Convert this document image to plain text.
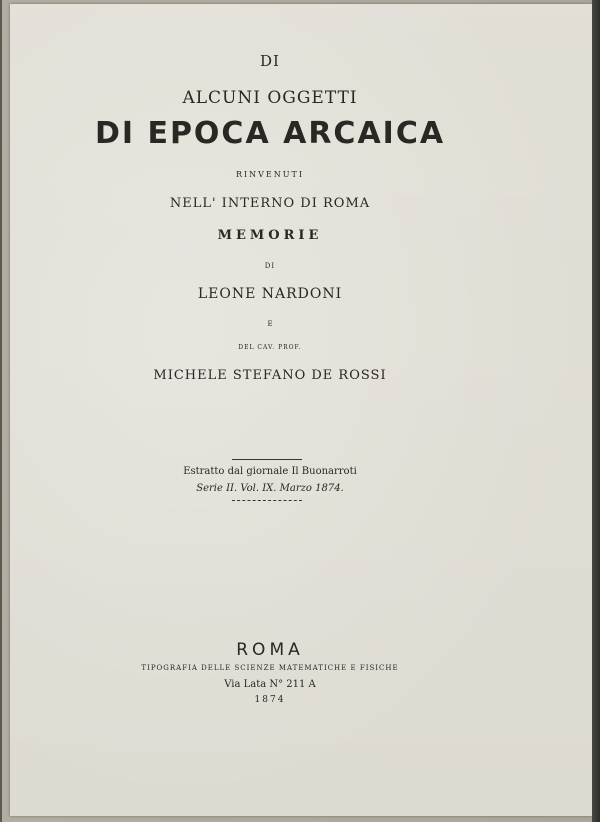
DI
ALCUNI OGGETTI
DI EPOCA ARCAICA
RINVENUTI
NELL' INTERNO DI ROMA
MEMORIE
DI
LEONE NARDONI
E
DEL CAV. PROF.
MICHELE STEFANO DE ROSSI
Estratto dal giornale Il Buonarroti
Serie II. Vol. IX. Marzo 1874.
ROMA
TIPOGRAFIA DELLE SCIENZE MATEMATICHE E FISICHE
Via Lata N° 211 A
1874
